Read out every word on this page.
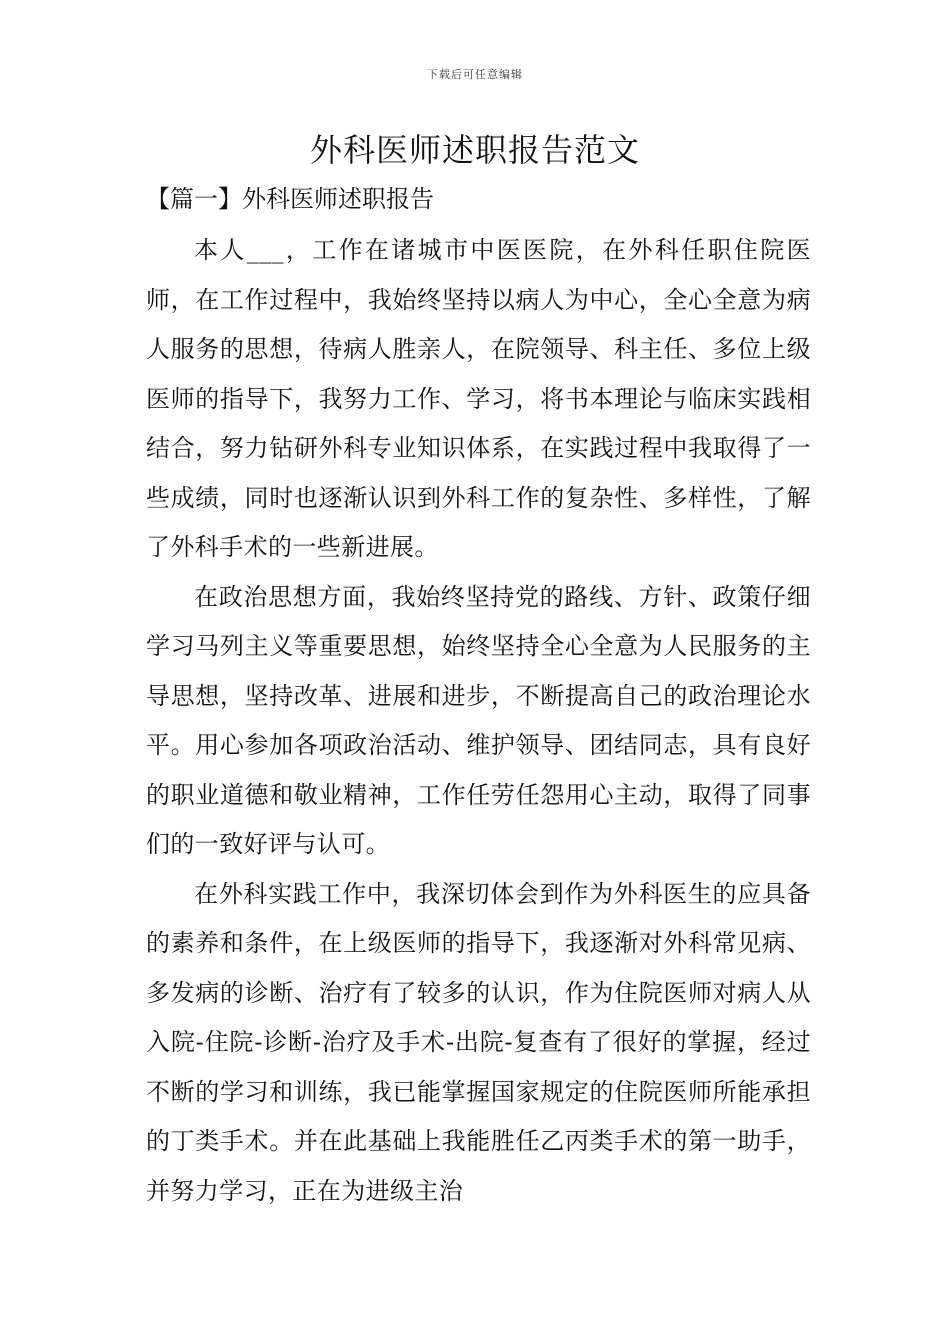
下载后可任意编辑
外科医师述职报告范文
【篇一】外科医师述职报告

本人___，工作在诸城市中医医院，在外科任职住院医师，在工作过程中，我始终坚持以病人为中心，全心全意为病人服务的思想，待病人胜亲人，在院领导、科主任、多位上级医师的指导下，我努力工作、学习，将书本理论与临床实践相结合，努力钻研外科专业知识体系，在实践过程中我取得了一些成绩，同时也逐渐认识到外科工作的复杂性、多样性，了解了外科手术的一些新进展。

在政治思想方面，我始终坚持党的路线、方针、政策仔细学习马列主义等重要思想，始终坚持全心全意为人民服务的主导思想，坚持改革、进展和进步，不断提高自己的政治理论水平。用心参加各项政治活动、维护领导、团结同志，具有良好的职业道德和敬业精神，工作任劳任怨用心主动，取得了同事们的一致好评与认可。

在外科实践工作中，我深切体会到作为外科医生的应具备的素养和条件，在上级医师的指导下，我逐渐对外科常见病、多发病的诊断、治疗有了较多的认识，作为住院医师对病人从入院-住院-诊断-治疗及手术-出院-复查有了很好的掌握，经过不断的学习和训练，我已能掌握国家规定的住院医师所能承担的丁类手术。并在此基础上我能胜任乙丙类手术的第一助手，并努力学习，正在为进级主治
